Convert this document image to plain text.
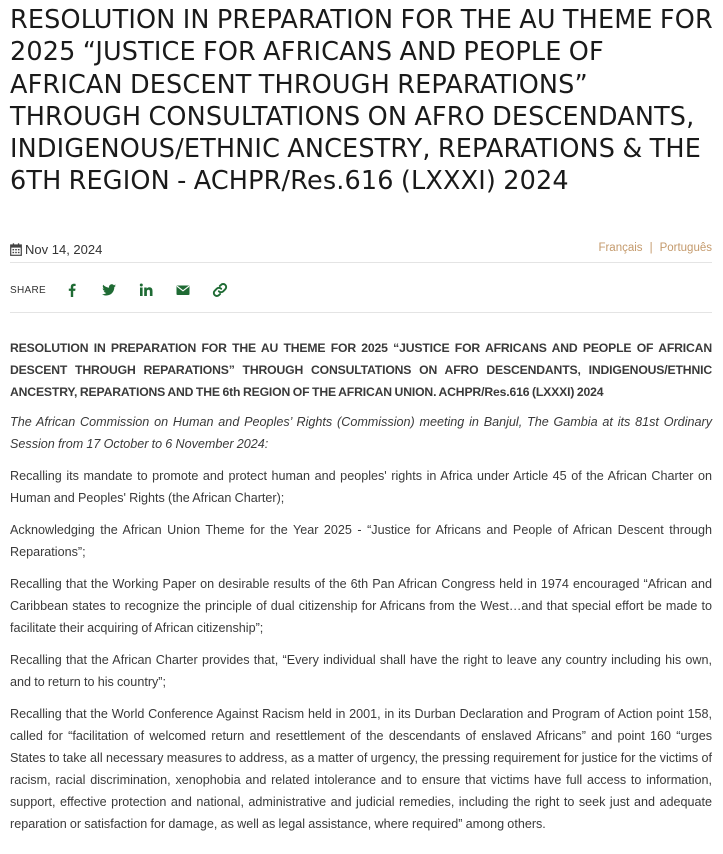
RESOLUTION IN PREPARATION FOR THE AU THEME FOR 2025 “JUSTICE FOR AFRICANS AND PEOPLE OF AFRICAN DESCENT THROUGH REPARATIONS” THROUGH CONSULTATIONS ON AFRO DESCENDANTS, INDIGENOUS/ETHNIC ANCESTRY, REPARATIONS & THE 6TH REGION - ACHPR/Res.616 (LXXXI) 2024
Nov 14, 2024	Français | Português
SHARE

RESOLUTION IN PREPARATION FOR THE AU THEME FOR 2025 “JUSTICE FOR AFRICANS AND PEOPLE OF AFRICAN DESCENT THROUGH REPARATIONS” THROUGH CONSULTATIONS ON AFRO DESCENDANTS, INDIGENOUS/ETHNIC ANCESTRY, REPARATIONS AND THE 6th REGION OF THE AFRICAN UNION. ACHPR/Res.616 (LXXXI) 2024

The African Commission on Human and Peoples’ Rights (Commission) meeting in Banjul, The Gambia at its 81st Ordinary Session from 17 October to 6 November 2024:

Recalling its mandate to promote and protect human and peoples' rights in Africa under Article 45 of the African Charter on Human and Peoples' Rights (the African Charter);

Acknowledging the African Union Theme for the Year 2025 - “Justice for Africans and People of African Descent through Reparations”;

Recalling that the Working Paper on desirable results of the 6th Pan African Congress held in 1974 encouraged “African and Caribbean states to recognize the principle of dual citizenship for Africans from the West…and that special effort be made to facilitate their acquiring of African citizenship”;

Recalling that the African Charter provides that, “Every individual shall have the right to leave any country including his own, and to return to his country”;

Recalling that the World Conference Against Racism held in 2001, in its Durban Declaration and Program of Action point 158, called for “facilitation of welcomed return and resettlement of the descendants of enslaved Africans” and point 160 “urges States to take all necessary measures to address, as a matter of urgency, the pressing requirement for justice for the victims of racism, racial discrimination, xenophobia and related intolerance and to ensure that victims have full access to information, support, effective protection and national, administrative and judicial remedies, including the right to seek just and adequate reparation or satisfaction for damage, as well as legal assistance, where required” among others.
